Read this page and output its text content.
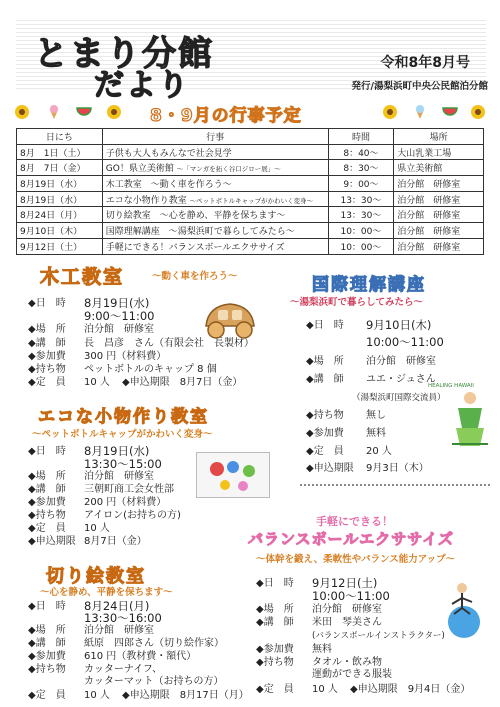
とまり分館
だより
令和8年8月号
発行/湯梨浜町中央公民館泊分館
8・9月の行事予定
日にち	行事	時間	場所
8月　1日（土）	子供も大人もみんなで社会見学	8：40～	大山乳業工場
8月　7日（金）	GO！県立美術館 ～「マンガを拓く谷口ジロー展」～	8：30～	県立美術館
8月19日（水）	木工教室　～動く車を作ろう～	9：00～	泊分館　研修室
8月19日（水）	エコな小物作り教室 ～ペットボトルキャップがかわいく変身～	13：30～	泊分館　研修室
8月24日（月）	切り絵教室　～心を静め、平静を保ちます～	13：30～	泊分館　研修室
9月10日（木）	国際理解講座　～湯梨浜町で暮らしてみたら～	10：00～	泊分館　研修室
9月12日（土）	手軽にできる！バランスボールエクササイズ	10：00～	泊分館　研修室
木工教室	～動く車を作ろう～
◆日　時 8月19日(水)
9:00～11:00
◆場　所 泊分館　研修室
◆講　師 長　昌彦　さん（有限会社　長製材）
◆参加費 300 円（材料費）
◆持ち物 ペットボトルのキャップ 8 個
◆定　員 10 人 ◆申込期限　8月7日（金）
エコな小物作り教室
～ペットボトルキャップがかわいく変身～
◆日　時 8月19日(水)
13:30～15:00
◆場　所 泊分館　研修室
◆講　師 三朝町商工会女性部
◆参加費 200 円（材料費）
◆持ち物 アイロン(お持ちの方)
◆定　員 10 人
◆申込期限 8月7日（金）
切り絵教室
～心を静め、平静を保ちます～
◆日　時 8月24日(月)
13:30～16:00
◆場　所 泊分館　研修室
◆講　師 紙原　四郎さん（切り絵作家）
◆参加費 610 円（教材費・額代）
◆持ち物 カッターナイフ、
カッターマット（お持ちの方）
◆定　員 10 人 ◆申込期限　8月17日（月）
国際理解講座
～湯梨浜町で暮らしてみたら～
◆日　時 9月10日(木)
10:00～11:00
◆場　所 泊分館　研修室
◆講　師 ユエ・ジュさん
（湯梨浜町国際交流員）
◆持ち物 無し
◆参加費 無料
◆定　員 20 人
◆申込期限 9月3日（木）
HEALING HAWAII
手軽にできる！
バランスボールエクササイズ
～体幹を鍛え、柔軟性やバランス能力アップ～
◆日　時 9月12日(土)
10:00～11:00
◆場　所 泊分館　研修室
◆講　師 米田　琴美さん
(バランスボールインストラクター)
◆参加費 無料
◆持ち物 タオル・飲み物
運動ができる服装
◆定　員 10 人 ◆申込期限　9月4日（金）
